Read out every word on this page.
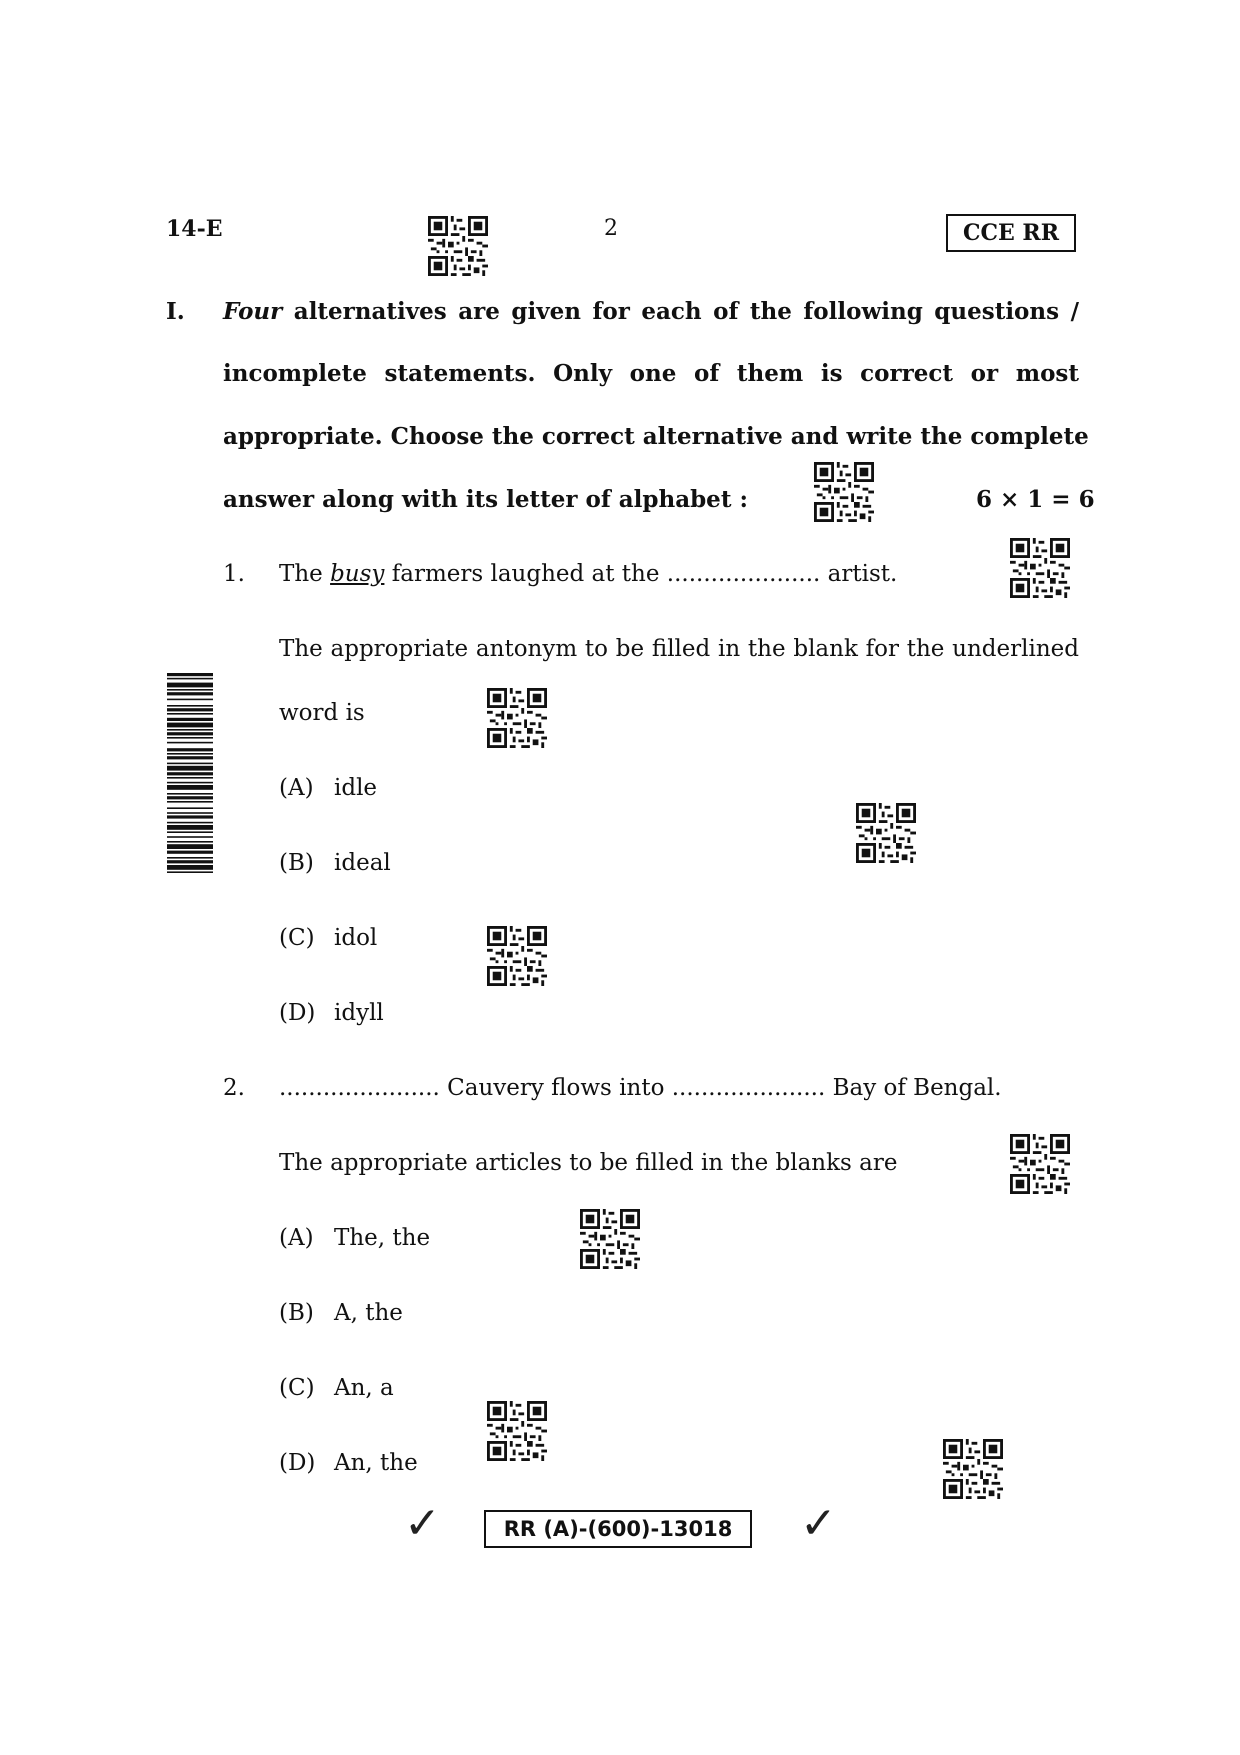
14-E	2	CCE RR
I. Four alternatives are given for each of the following questions /
incomplete statements. Only one of them is correct or most
appropriate. Choose the correct alternative and write the complete
answer along with its letter of alphabet :	6 × 1 = 6
1. The busy farmers laughed at the ..................... artist.
The appropriate antonym to be filled in the blank for the underlined
word is
(A) idle
(B) ideal
(C) idol
(D) idyll
2. ...................... Cauvery flows into ..................... Bay of Bengal.
The appropriate articles to be filled in the blanks are
(A) The, the
(B) A, the
(C) An, a
(D) An, the
✓	RR (A)-(600)-13018	✓
